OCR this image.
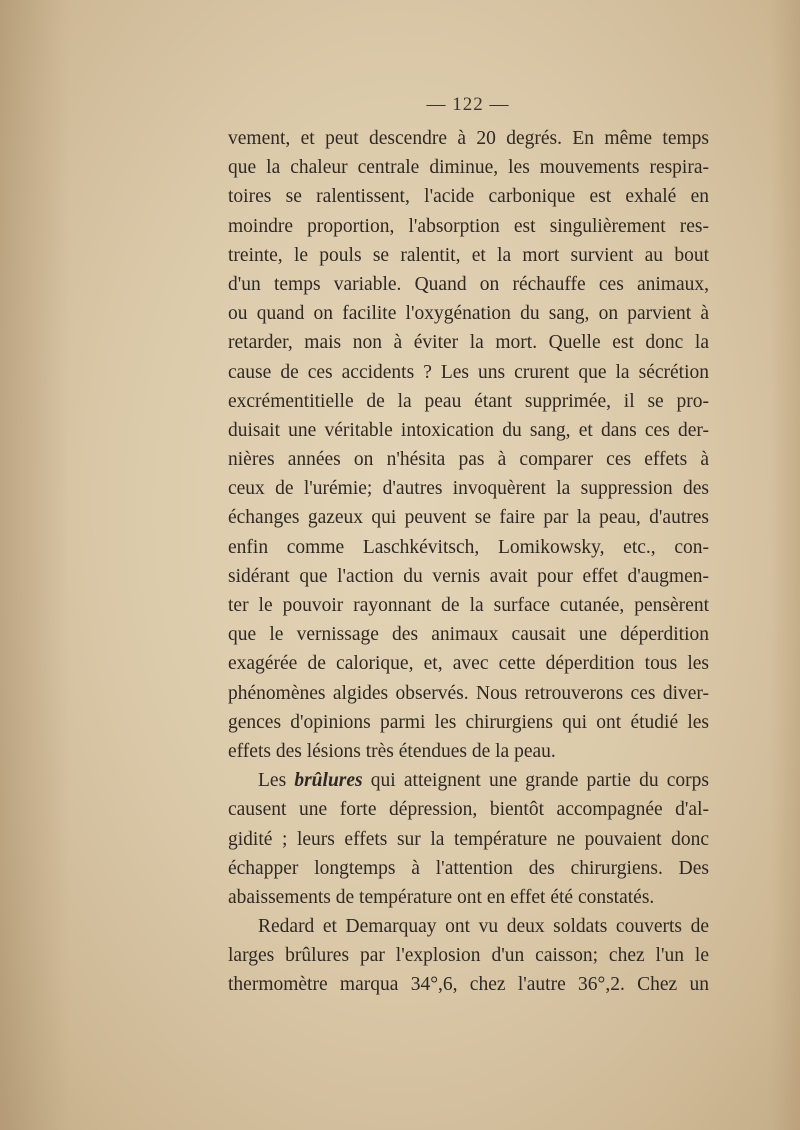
— 122 —
vement, et peut descendre à 20 degrés. En même temps
que la chaleur centrale diminue, les mouvements respira-
toires se ralentissent, l'acide carbonique est exhalé en
moindre proportion, l'absorption est singulièrement res-
treinte, le pouls se ralentit, et la mort survient au bout
d'un temps variable. Quand on réchauffe ces animaux,
ou quand on facilite l'oxygénation du sang, on parvient à
retarder, mais non à éviter la mort. Quelle est donc la
cause de ces accidents ? Les uns crurent que la sécrétion
excrémentitielle de la peau étant supprimée, il se pro-
duisait une véritable intoxication du sang, et dans ces der-
nières années on n'hésita pas à comparer ces effets à
ceux de l'urémie; d'autres invoquèrent la suppression des
échanges gazeux qui peuvent se faire par la peau, d'autres
enfin comme Laschkévitsch, Lomikowsky, etc., con-
sidérant que l'action du vernis avait pour effet d'augmen-
ter le pouvoir rayonnant de la surface cutanée, pensèrent
que le vernissage des animaux causait une déperdition
exagérée de calorique, et, avec cette déperdition tous les
phénomènes algides observés. Nous retrouverons ces diver-
gences d'opinions parmi les chirurgiens qui ont étudié les
effets des lésions très étendues de la peau.
Les brûlures qui atteignent une grande partie du corps
causent une forte dépression, bientôt accompagnée d'al-
gidité ; leurs effets sur la température ne pouvaient donc
échapper longtemps à l'attention des chirurgiens. Des
abaissements de température ont en effet été constatés.
Redard et Demarquay ont vu deux soldats couverts de
larges brûlures par l'explosion d'un caisson; chez l'un le
thermomètre marqua 34°,6, chez l'autre 36°,2. Chez un
